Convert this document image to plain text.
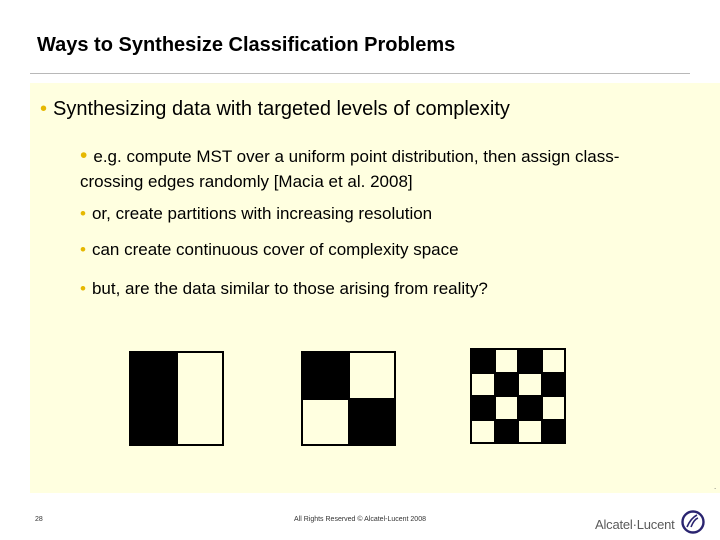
Ways to Synthesize Classification Problems
• Synthesizing data with targeted levels of complexity
• e.g. compute MST over a uniform point distribution, then assign class-crossing edges randomly [Macia et al. 2008]
• or, create partitions with increasing resolution
• can create continuous cover of complexity space
• but, are the data similar to those arising from reality?
28	All Rights Reserved © Alcatel-Lucent 2008	Alcatel·Lucent
.
